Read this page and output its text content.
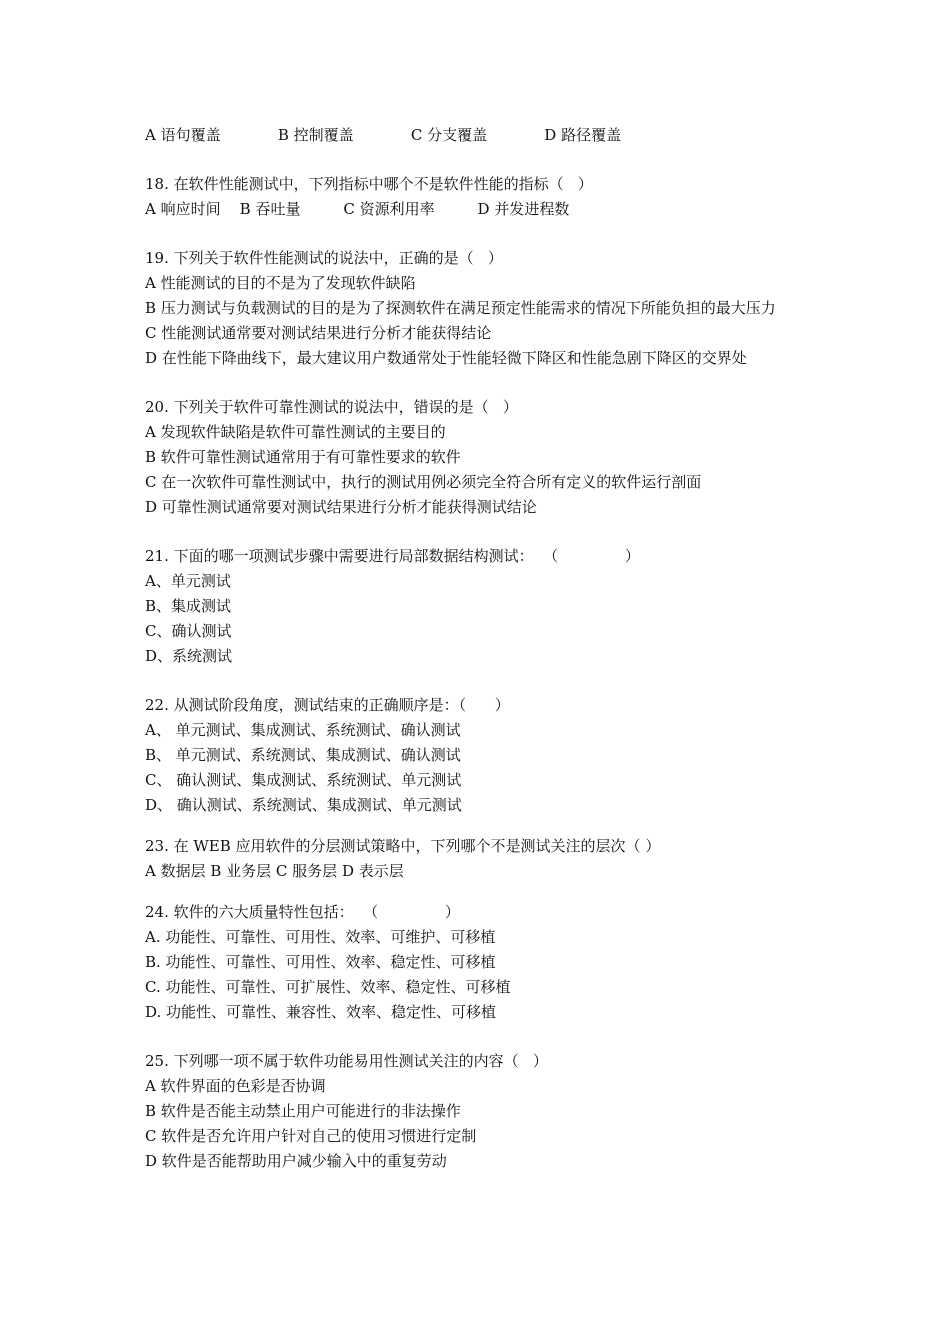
A 语句覆盖            B 控制覆盖            C 分支覆盖            D 路径覆盖
18. 在软件性能测试中，下列指标中哪个不是软件性能的指标（   ）
A 响应时间    B 吞吐量         C 资源利用率         D 并发进程数
19. 下列关于软件性能测试的说法中，正确的是（   ）
A 性能测试的目的不是为了发现软件缺陷
B 压力测试与负载测试的目的是为了探测软件在满足预定性能需求的情况下所能负担的最大压力
C 性能测试通常要对测试结果进行分析才能获得结论
D 在性能下降曲线下，最大建议用户数通常处于性能轻微下降区和性能急剧下降区的交界处
20. 下列关于软件可靠性测试的说法中，错误的是（   ）
A 发现软件缺陷是软件可靠性测试的主要目的
B 软件可靠性测试通常用于有可靠性要求的软件
C 在一次软件可靠性测试中，执行的测试用例必须完全符合所有定义的软件运行剖面
D 可靠性测试通常要对测试结果进行分析才能获得测试结论
21. 下面的哪一项测试步骤中需要进行局部数据结构测试：  （              ）
A、单元测试
B、集成测试
C、确认测试
D、系统测试
22. 从测试阶段角度，测试结束的正确顺序是：（      ）
A、 单元测试、集成测试、系统测试、确认测试
B、 单元测试、系统测试、集成测试、确认测试
C、 确认测试、集成测试、系统测试、单元测试
D、 确认测试、系统测试、集成测试、单元测试
23. 在 WEB 应用软件的分层测试策略中，下列哪个不是测试关注的层次（ ）
A 数据层 B 业务层 C 服务层 D 表示层
24. 软件的六大质量特性包括：  （              ）
A. 功能性、可靠性、可用性、效率、可维护、可移植
B. 功能性、可靠性、可用性、效率、稳定性、可移植
C. 功能性、可靠性、可扩展性、效率、稳定性、可移植
D. 功能性、可靠性、兼容性、效率、稳定性、可移植
25. 下列哪一项不属于软件功能易用性测试关注的内容（   ）
A 软件界面的色彩是否协调
B 软件是否能主动禁止用户可能进行的非法操作
C 软件是否允许用户针对自己的使用习惯进行定制
D 软件是否能帮助用户减少输入中的重复劳动
